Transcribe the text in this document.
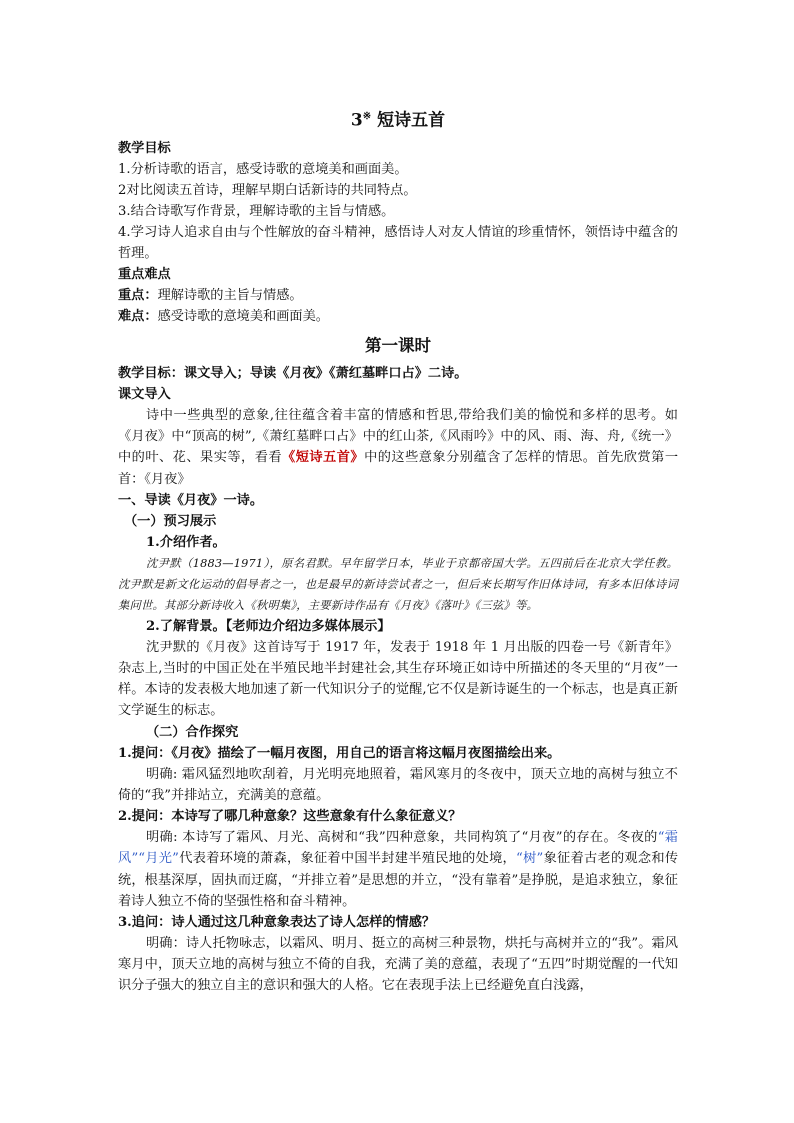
3※ 短诗五首
教学目标
1.分析诗歌的语言，感受诗歌的意境美和画面美。
2对比阅读五首诗，理解早期白话新诗的共同特点。
3.结合诗歌写作背景，理解诗歌的主旨与情感。
4.学习诗人追求自由与个性解放的奋斗精神，感悟诗人对友人情谊的珍重情怀，领悟诗中蕴含的哲理。
重点难点
重点：理解诗歌的主旨与情感。
难点：感受诗歌的意境美和画面美。
第一课时
教学目标：课文导入；导读《月夜》《萧红墓畔口占》二诗。
课文导入
诗中一些典型的意象,往往蕴含着丰富的情感和哲思,带给我们美的愉悦和多样的思考。如《月夜》中“顶高的树”,《萧红墓畔口占》中的红山茶,《风雨吟》中的风、雨、海、舟,《统一》中的叶、花、果实等，看看《短诗五首》中的这些意象分别蕴含了怎样的情思。首先欣赏第一首：《月夜》
一、导读《月夜》一诗。
（一）预习展示
1.介绍作者。
沈尹默（1883—1971），原名君默。早年留学日本，毕业于京都帝国大学。五四前后在北京大学任教。沈尹默是新文化运动的倡导者之一，也是最早的新诗尝试者之一，但后来长期写作旧体诗词，有多本旧体诗词集问世。其部分新诗收入《秋明集》，主要新诗作品有《月夜》《落叶》《三弦》等。
2.了解背景。【老师边介绍边多媒体展示】
沈尹默的《月夜》这首诗写于 1917 年，发表于 1918 年 1 月出版的四卷一号《新青年》杂志上,当时的中国正处在半殖民地半封建社会,其生存环境正如诗中所描述的冬天里的“月夜”一样。本诗的发表极大地加速了新一代知识分子的觉醒,它不仅是新诗诞生的一个标志，也是真正新文学诞生的标志。
（二）合作探究
1.提问：《月夜》描绘了一幅月夜图，用自己的语言将这幅月夜图描绘出来。
明确: 霜风猛烈地吹刮着，月光明亮地照着，霜风寒月的冬夜中，顶天立地的高树与独立不倚的“我”并排站立，充满美的意蕴。
2.提问：本诗写了哪几种意象？这些意象有什么象征意义？
明确: 本诗写了霜风、月光、高树和“我”四种意象，共同构筑了“月夜”的存在。冬夜的“霜风”“月光”代表着环境的萧森，象征着中国半封建半殖民地的处境，“树”象征着古老的观念和传统，根基深厚，固执而迂腐，“并排立着”是思想的并立，“没有靠着”是挣脱，是追求独立，象征着诗人独立不倚的坚强性格和奋斗精神。
3.追问：诗人通过这几种意象表达了诗人怎样的情感？
明确：诗人托物咏志，以霜风、明月、挺立的高树三种景物，烘托与高树并立的“我”。霜风寒月中，顶天立地的高树与独立不倚的自我，充满了美的意蕴，表现了“五四”时期觉醒的一代知识分子强大的独立自主的意识和强大的人格。它在表现手法上已经避免直白浅露，
